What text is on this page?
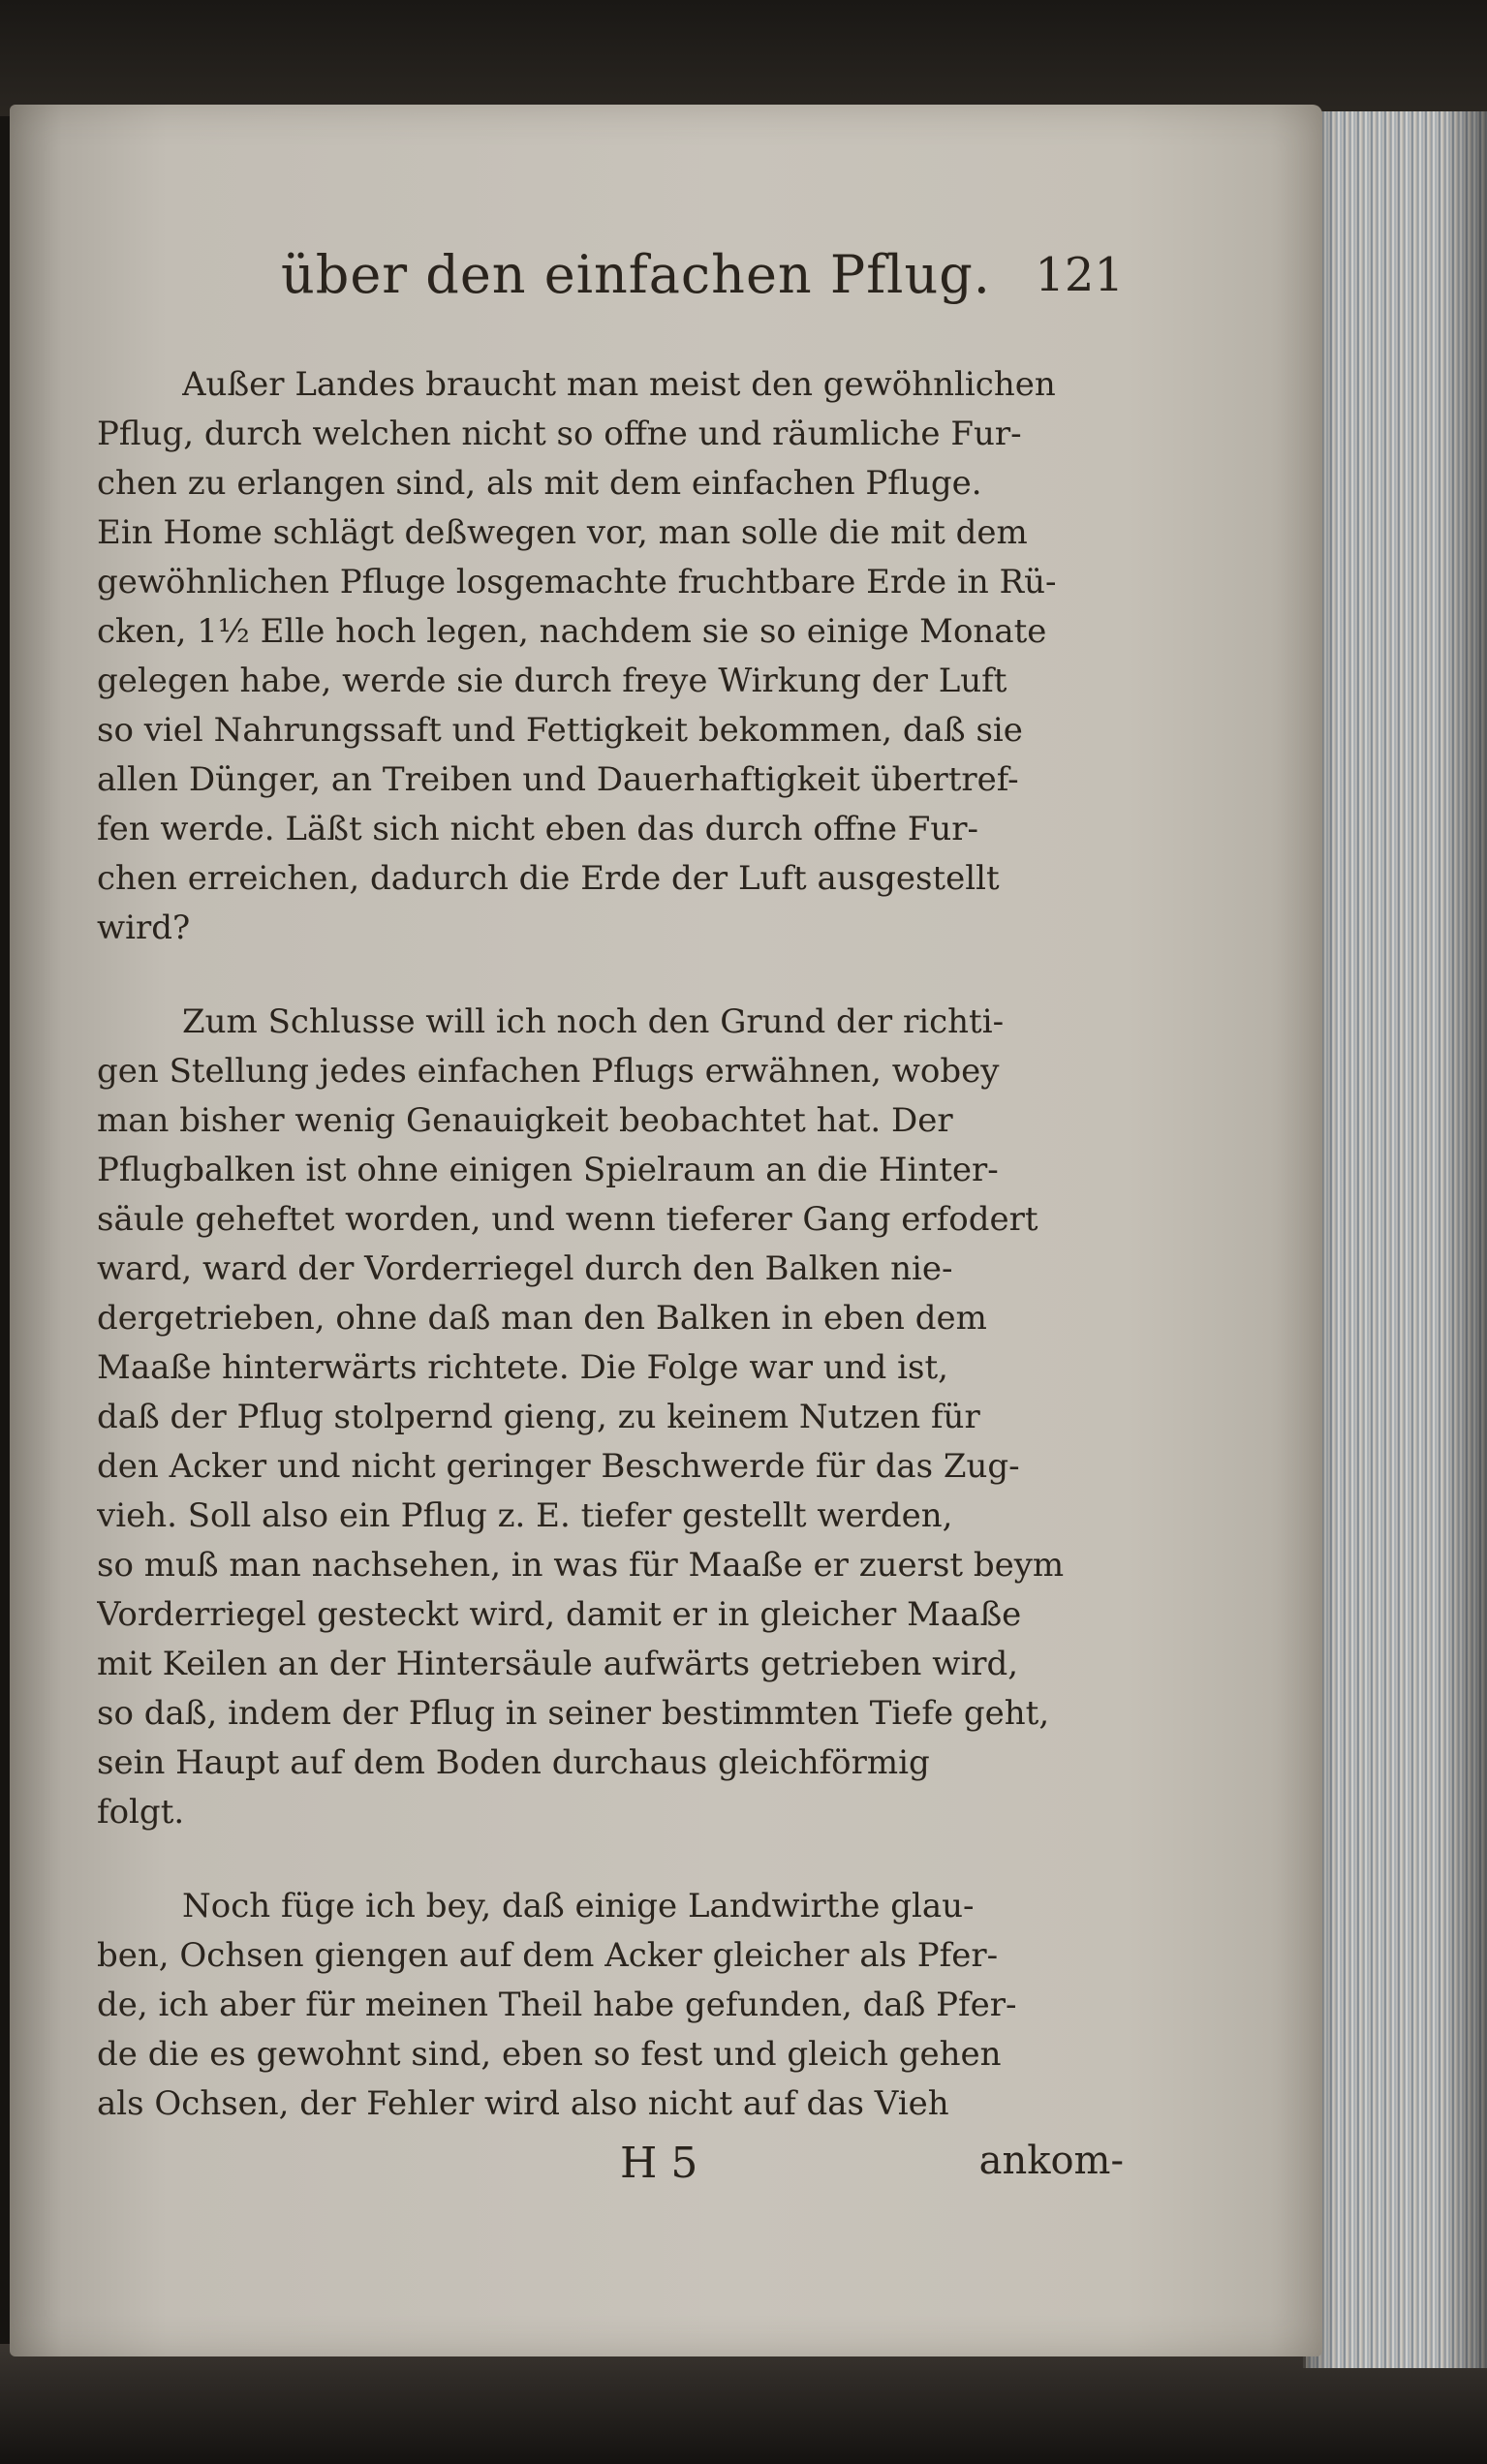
über den einfachen Pflug. 121
Außer Landes braucht man meist den gewöhnlichen
Pflug, durch welchen nicht so offne und räumliche Fur-
chen zu erlangen sind, als mit dem einfachen Pfluge.
Ein Home schlägt deßwegen vor, man solle die mit dem
gewöhnlichen Pfluge losgemachte fruchtbare Erde in Rü-
cken, 1½ Elle hoch legen, nachdem sie so einige Monate
gelegen habe, werde sie durch freye Wirkung der Luft
so viel Nahrungssaft und Fettigkeit bekommen, daß sie
allen Dünger, an Treiben und Dauerhaftigkeit übertref-
fen werde. Läßt sich nicht eben das durch offne Fur-
chen erreichen, dadurch die Erde der Luft ausgestellt
wird?
Zum Schlusse will ich noch den Grund der richti-
gen Stellung jedes einfachen Pflugs erwähnen, wobey
man bisher wenig Genauigkeit beobachtet hat. Der
Pflugbalken ist ohne einigen Spielraum an die Hinter-
säule geheftet worden, und wenn tieferer Gang erfodert
ward, ward der Vorderriegel durch den Balken nie-
dergetrieben, ohne daß man den Balken in eben dem
Maaße hinterwärts richtete. Die Folge war und ist,
daß der Pflug stolpernd gieng, zu keinem Nutzen für
den Acker und nicht geringer Beschwerde für das Zug-
vieh. Soll also ein Pflug z. E. tiefer gestellt werden,
so muß man nachsehen, in was für Maaße er zuerst beym
Vorderriegel gesteckt wird, damit er in gleicher Maaße
mit Keilen an der Hintersäule aufwärts getrieben wird,
so daß, indem der Pflug in seiner bestimmten Tiefe geht,
sein Haupt auf dem Boden durchaus gleichförmig
folgt.
Noch füge ich bey, daß einige Landwirthe glau-
ben, Ochsen giengen auf dem Acker gleicher als Pfer-
de, ich aber für meinen Theil habe gefunden, daß Pfer-
de die es gewohnt sind, eben so fest und gleich gehen
als Ochsen, der Fehler wird also nicht auf das Vieh
H 5	ankom-
